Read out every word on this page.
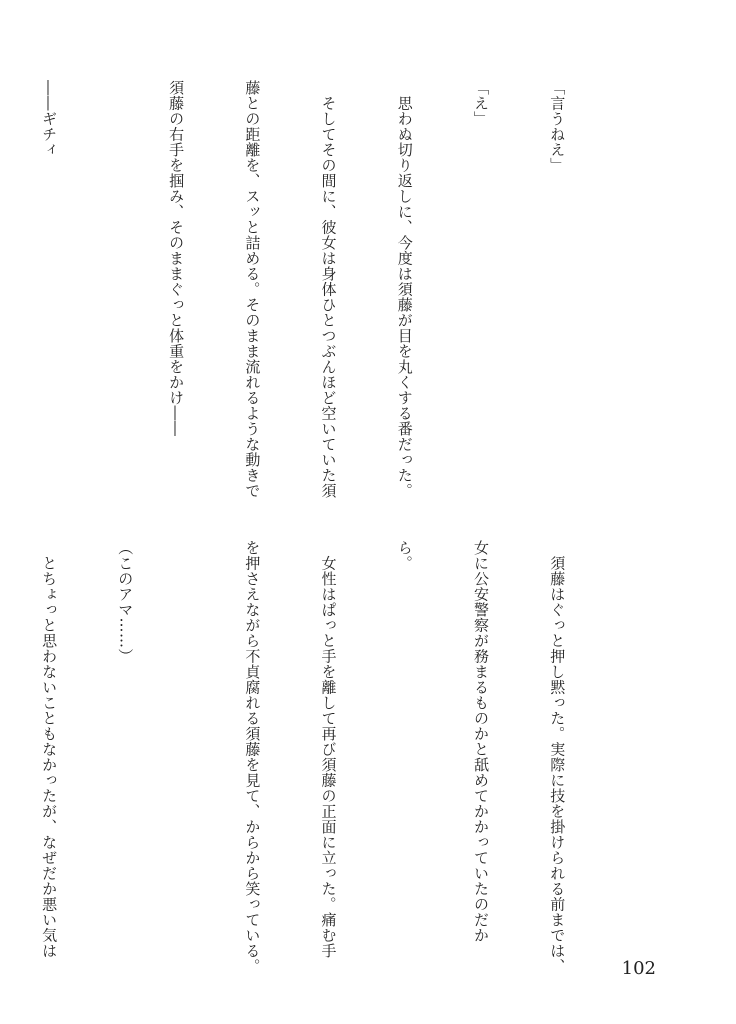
「言うねえ」

「え」

　思わぬ切り返しに、今度は須藤が目を丸くする番だった。

　そしてその間に、彼女は身体ひとつぶんほど空いていた須

藤との距離を、スッと詰める。そのまま流れるような動きで

須藤の右手を掴み、そのままぐっと体重をかけ――

――ギチィ

　須藤はぐっと押し黙った。実際に技を掛けられる前までは、

女に公安警察が務まるものかと舐めてかかっていたのだか

ら。

　女性はぱっと手を離して再び須藤の正面に立った。痛む手

を押さえながら不貞腐れる須藤を見て、からから笑っている。

（このアマ……）

　とちょっと思わないこともなかったが、なぜだか悪い気は

102
